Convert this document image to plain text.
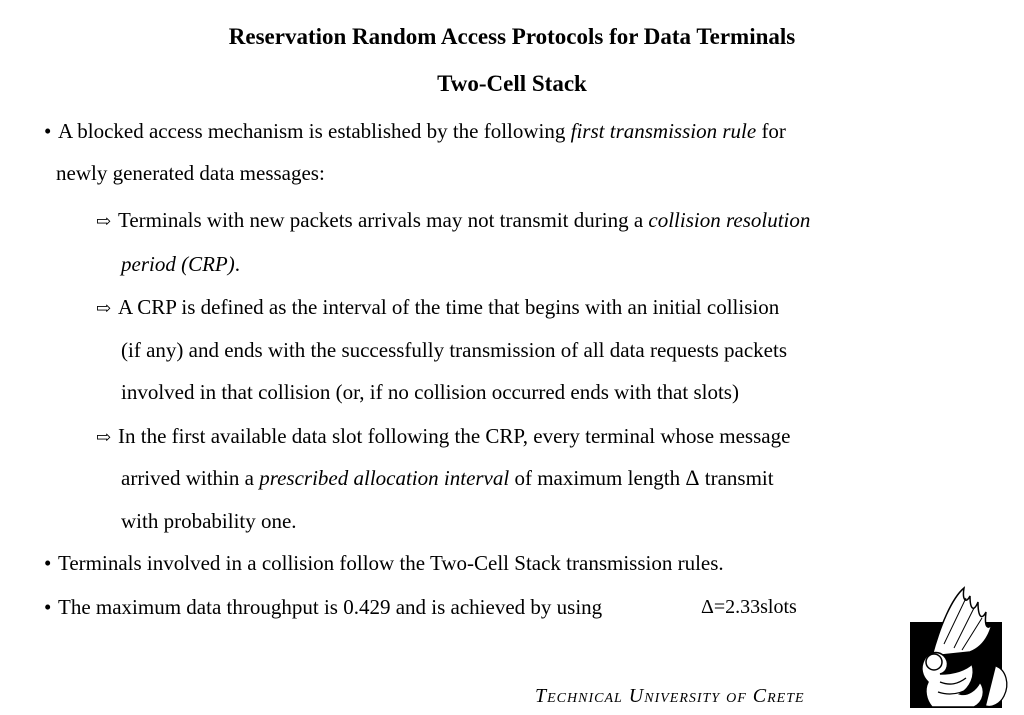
Reservation Random Access Protocols for Data Terminals
Two-Cell Stack
• A blocked access mechanism is established by the following first transmission rule for
newly generated data messages:
⇨ Terminals with new packets arrivals may not transmit during a collision resolution
period (CRP).
⇨ A CRP is defined as the interval of the time that begins with an initial collision
(if any) and ends with the successfully transmission of all data requests packets
involved in that collision (or, if no collision occurred ends with that slots)
⇨ In the first available data slot following the CRP, every terminal whose message
arrived within a prescribed allocation interval of maximum length Δ transmit
with probability one.
• Terminals involved in a collision follow the Two-Cell Stack transmission rules.
• The maximum data throughput is 0.429 and is achieved by using	Δ=2.33slots
Technical University of Crete
